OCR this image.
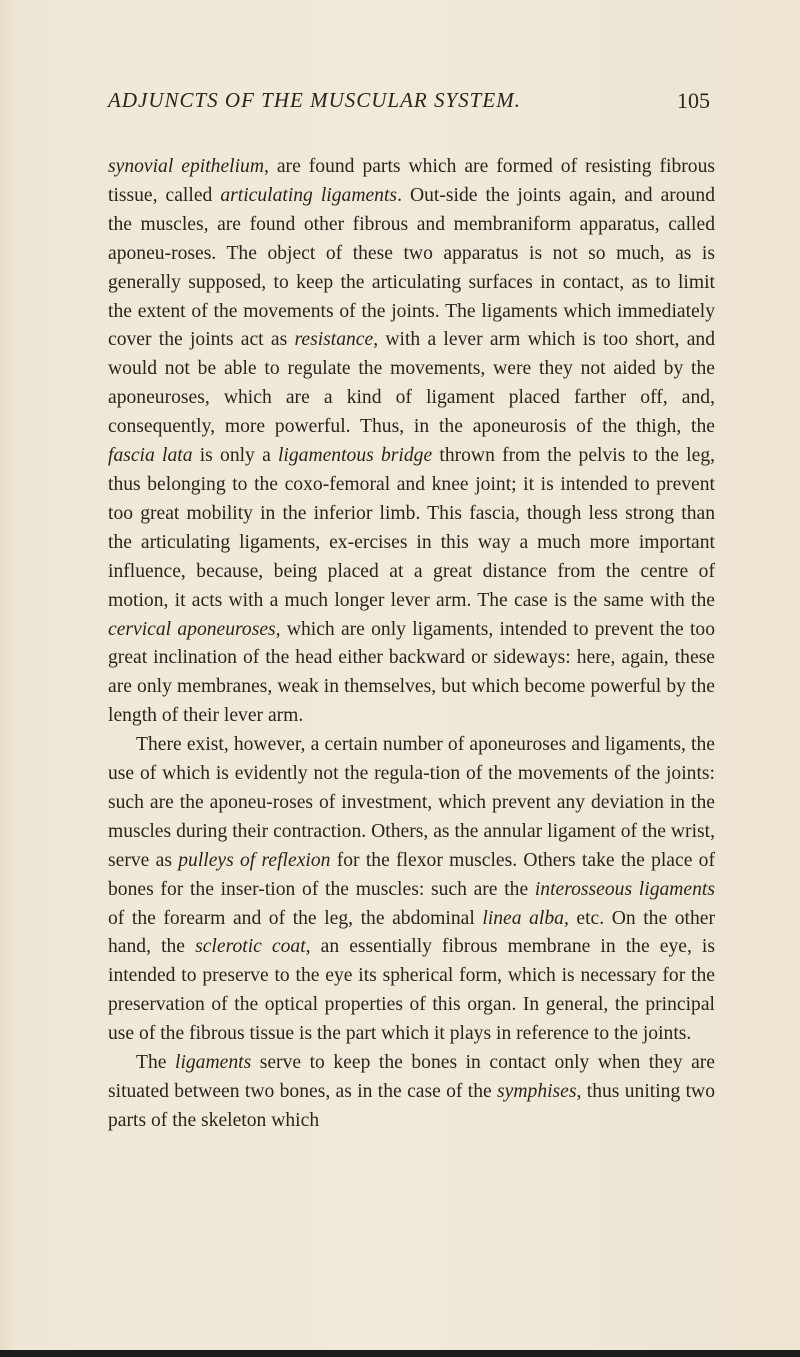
ADJUNCTS OF THE MUSCULAR SYSTEM.	105

synovial epithelium, are found parts which are formed of resisting fibrous tissue, called articulating ligaments. Out-side the joints again, and around the muscles, are found other fibrous and membraniform apparatus, called aponeu-roses. The object of these two apparatus is not so much, as is generally supposed, to keep the articulating surfaces in contact, as to limit the extent of the movements of the joints. The ligaments which immediately cover the joints act as resistance, with a lever arm which is too short, and would not be able to regulate the movements, were they not aided by the aponeuroses, which are a kind of ligament placed farther off, and, consequently, more powerful. Thus, in the aponeurosis of the thigh, the fascia lata is only a ligamentous bridge thrown from the pelvis to the leg, thus belonging to the coxo-femoral and knee joint; it is intended to prevent too great mobility in the inferior limb. This fascia, though less strong than the articulating ligaments, ex-ercises in this way a much more important influence, because, being placed at a great distance from the centre of motion, it acts with a much longer lever arm. The case is the same with the cervical aponeuroses, which are only ligaments, intended to prevent the too great inclination of the head either backward or sideways: here, again, these are only membranes, weak in themselves, but which become powerful by the length of their lever arm.

There exist, however, a certain number of aponeuroses and ligaments, the use of which is evidently not the regula-tion of the movements of the joints: such are the aponeu-roses of investment, which prevent any deviation in the muscles during their contraction. Others, as the annular ligament of the wrist, serve as pulleys of reflexion for the flexor muscles. Others take the place of bones for the inser-tion of the muscles: such are the interosseous ligaments of the forearm and of the leg, the abdominal linea alba, etc. On the other hand, the sclerotic coat, an essentially fibrous membrane in the eye, is intended to preserve to the eye its spherical form, which is necessary for the preservation of the optical properties of this organ. In general, the principal use of the fibrous tissue is the part which it plays in reference to the joints.

The ligaments serve to keep the bones in contact only when they are situated between two bones, as in the case of the symphises, thus uniting two parts of the skeleton which
